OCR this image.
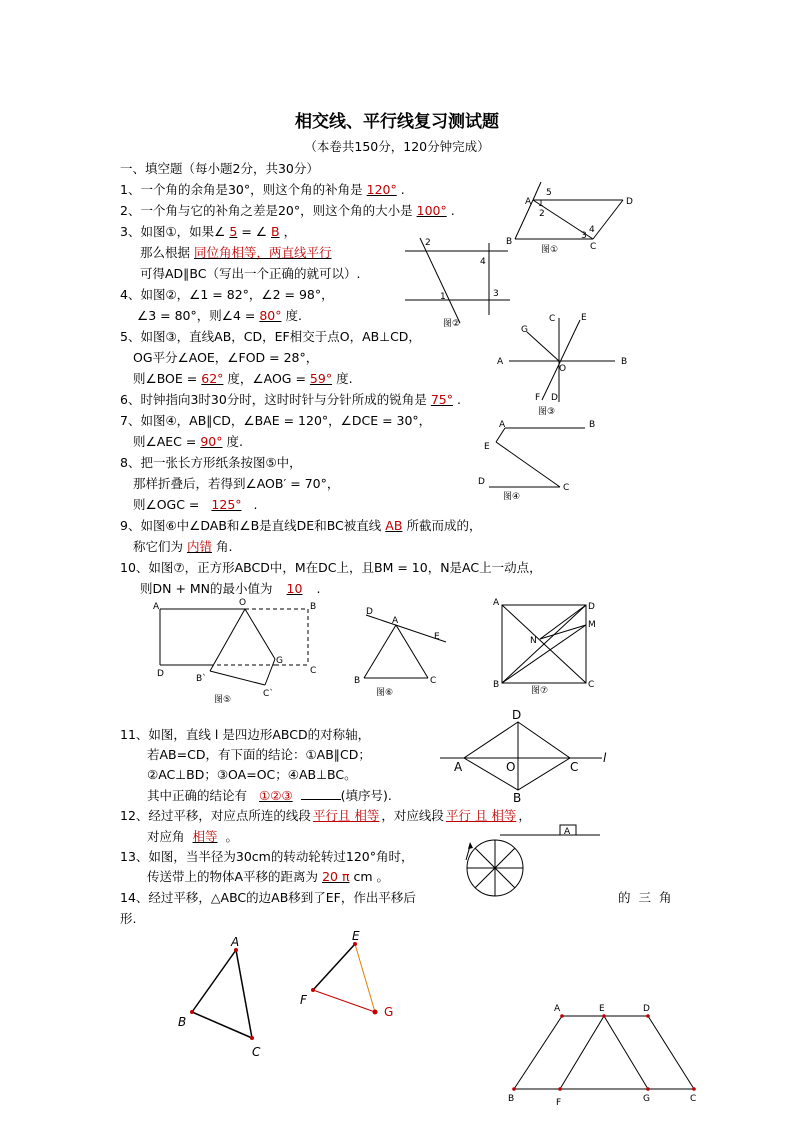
相交线、平行线复习测试题
（本卷共150分，120分钟完成）
一、填空题（每小题2分，共30分）
1、一个角的余角是30°，则这个角的补角是 120° .
2、一个角与它的补角之差是20°，则这个角的大小是 100° .
3、如图①，如果∠ 5 = ∠ B ，
那么根据 同位角相等，两直线平行
可得AD∥BC（写出一个正确的就可以）.
4、如图②，∠1 = 82°，∠2 = 98°，
∠3 = 80°，则∠4 = 80° 度.
5、如图③，直线AB，CD，EF相交于点O，AB⊥CD，
OG平分∠AOE，∠FOD = 28°，
则∠BOE = 62° 度，∠AOG = 59° 度.
6、时钟指向3时30分时，这时时针与分针所成的锐角是 75° .
7、如图④，AB∥CD，∠BAE = 120°，∠DCE = 30°，
则∠AEC = 90° 度.
8、把一张长方形纸条按图⑤中，
那样折叠后，若得到∠AOB′ = 70°，
则∠OGC = 125° .
9、如图⑥中∠DAB和∠B是直线DE和BC被直线 AB 所截而成的，
称它们为 内错 角.
10、如图⑦，正方形ABCD中，M在DC上，且BM = 10，N是AC上一动点，
则DN + MN的最小值为 10 .
11、如图，直线 l 是四边形ABCD的对称轴，
若AB=CD，有下面的结论：①AB∥CD；
②AC⊥BD；③OA=OC；④AB⊥BC。
其中正确的结论有 ①②③	(填序号).
12、经过平移，对应点所连的线段 平行且 相等 ，对应线段 平行 且 相等 ，
对应角 相等 。
13、如图，当半径为30cm的转动轮转过120°角时，
传送带上的物体A平移的距离为 20 π cm 。
14、经过平移，△ABC的边AB移到了EF，作出平移后	的 三 角
形.
A	D
B	C
1
2
3
4
5
图①
1
2
3
4
图②	C	E
G
A
O
B
F D
图③
A	B
E
D
C
图④
A	O	B
D
G
C
B`
C`
图⑤
D
A
E
B	C
图⑥
A	D
M
N
B	C
图⑦
D
A	O	C
B
l
A
A
B
C
E
F
G	A	E	D
B	F	G	C
